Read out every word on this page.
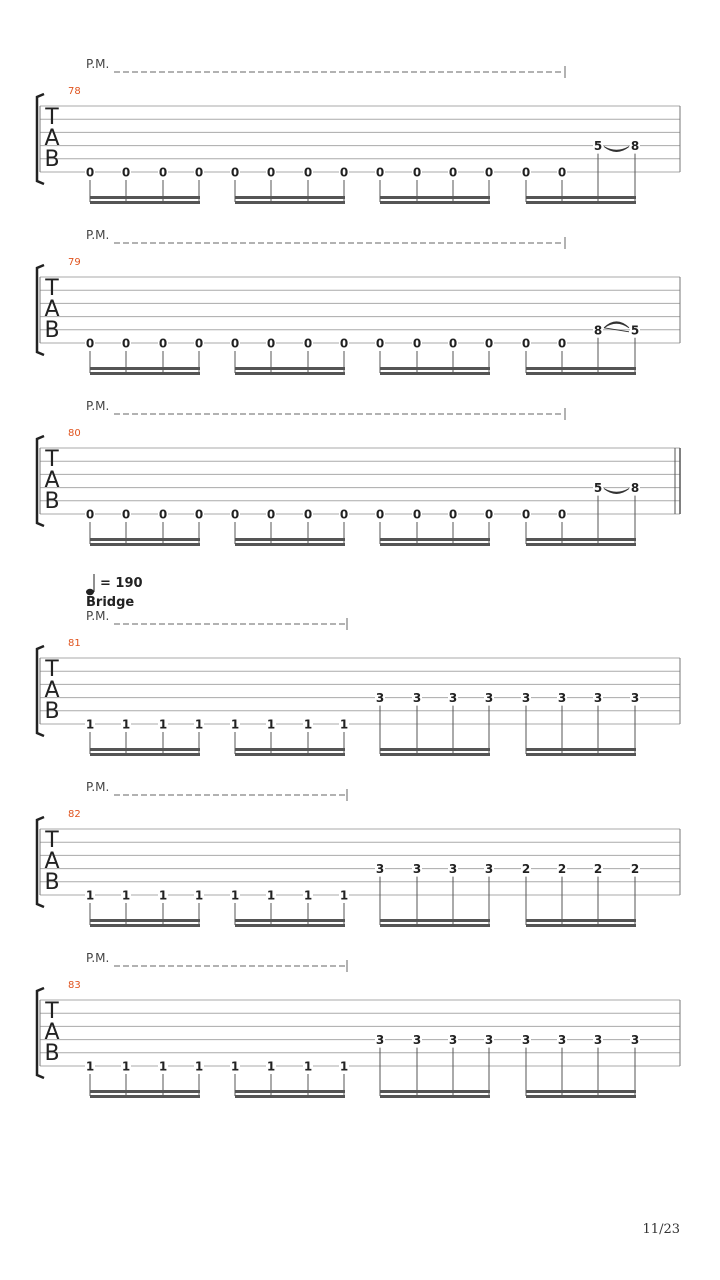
P.M.
78
T
A
B
0 0 0 0 0 0 0 0 0 0 0 0 0 0
5 8
P.M.
79
T
A
B
0 0 0 0 0 0 0 0 0 0 0 0 0 0
8 5
P.M.
80
T
A
B
0 0 0 0 0 0 0 0 0 0 0 0 0 0
5 8
P.M.
= 190
Bridge
81
T
A
B
1 1 1 1 1 1 1 1
3 3 3 3 3 3 3 3
P.M.
82
T
A
B
1 1 1 1 1 1 1 1
3 3 3 3 2 2 2 2
P.M.
83
T
A
B
1 1 1 1 1 1 1 1
3 3 3 3 3 3 3 3
11/23
